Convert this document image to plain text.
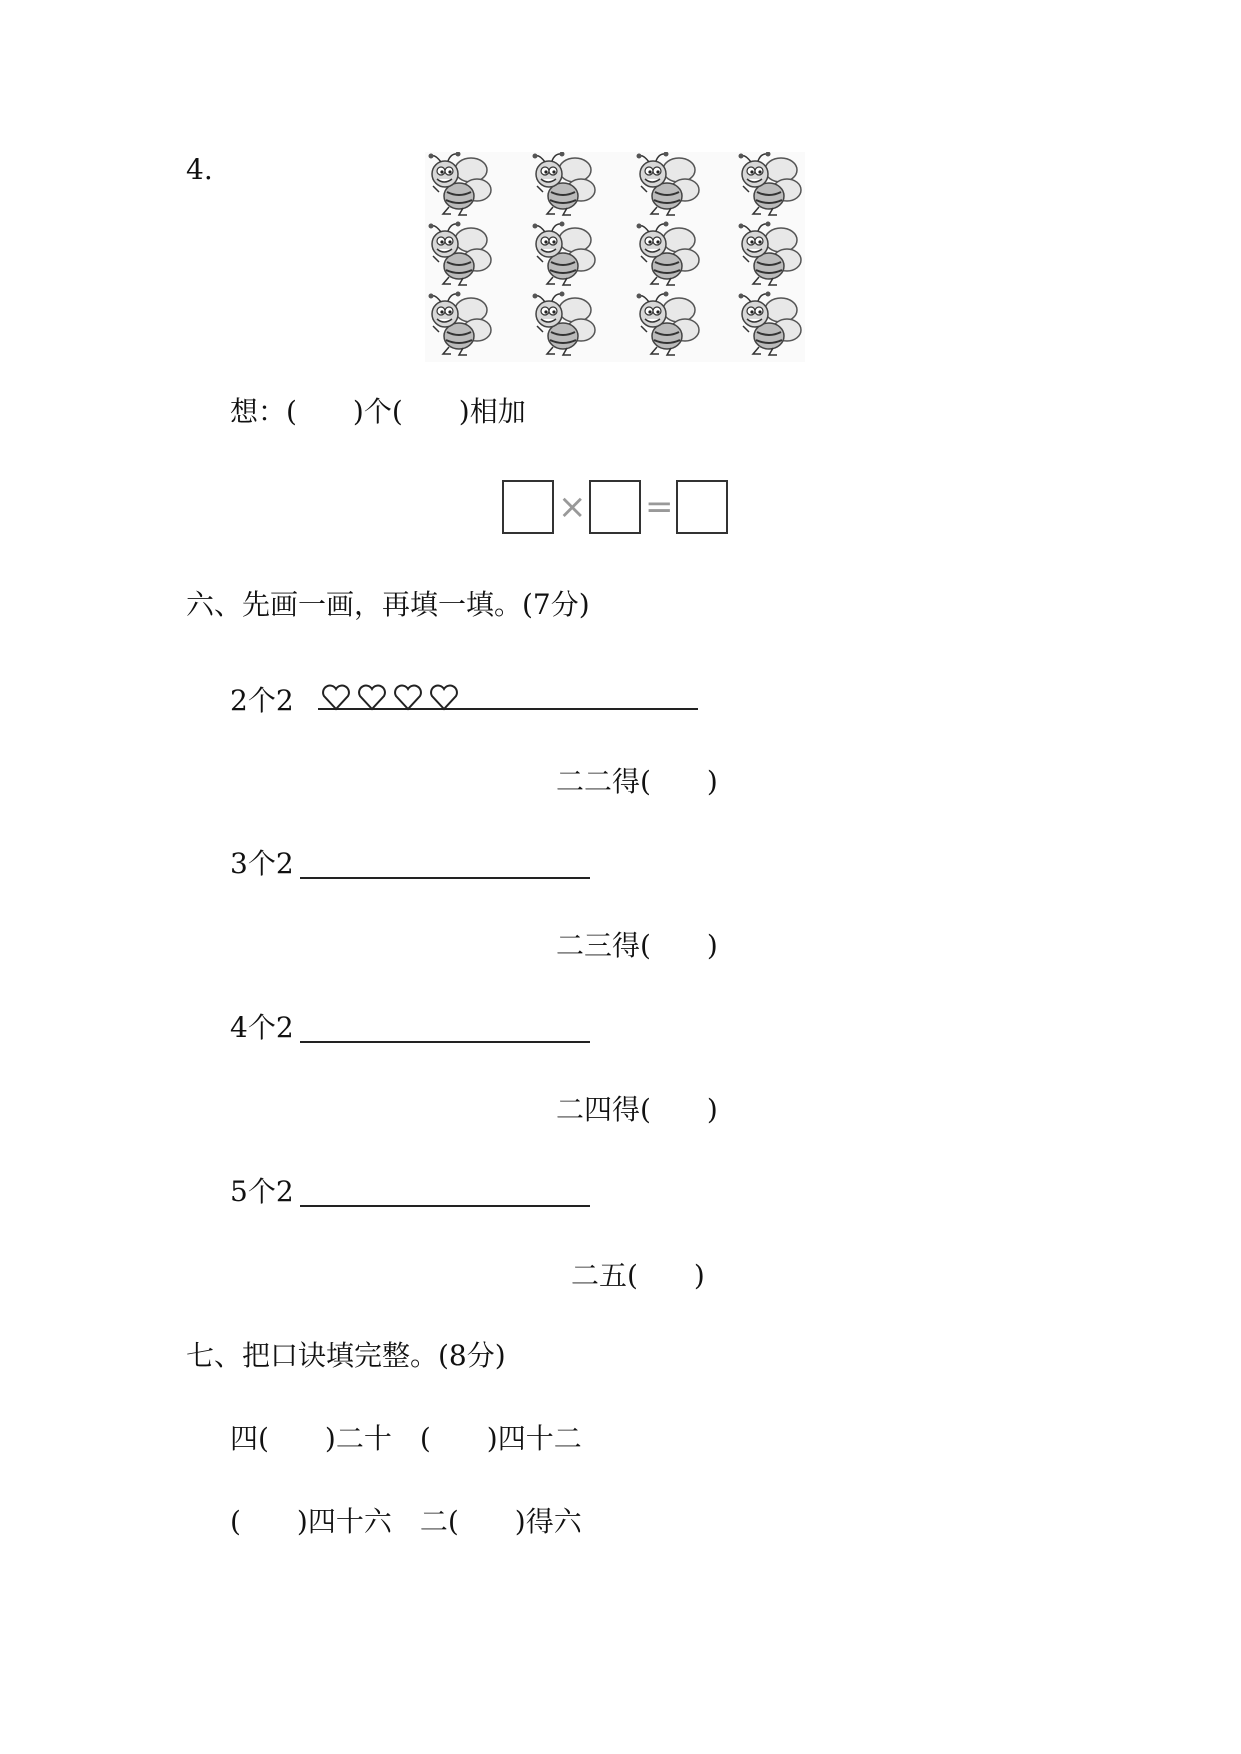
4.
想：(　　)个(　　)相加
× =
六、先画一画，再填一填。(7分)
2个2
二二得(　　)
3个2
二三得(　　)
4个2
二四得(　　)
5个2
二五(　　)
七、把口诀填完整。(8分)
四(　　)二十　(　　)四十二
(　　)四十六　二(　　)得六
